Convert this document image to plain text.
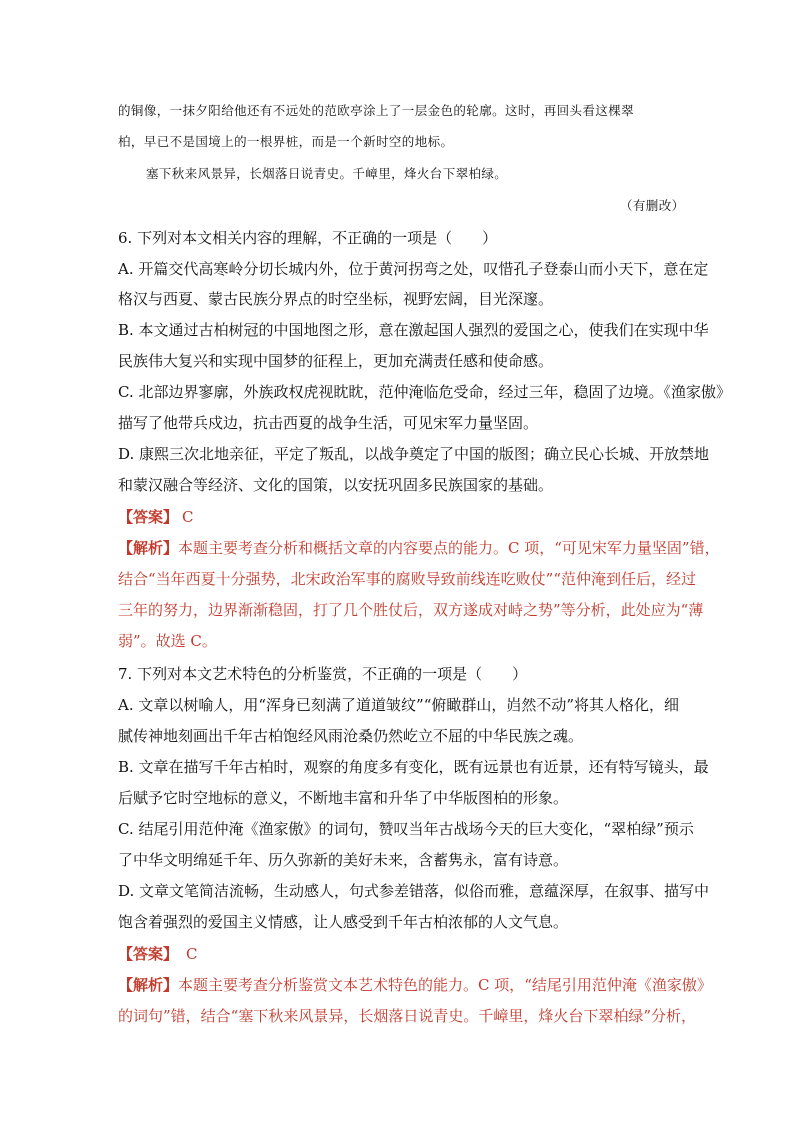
的铜像，一抹夕阳给他还有不远处的范欧亭涂上了一层金色的轮廓。这时，再回头看这棵翠
柏，早已不是国境上的一根界桩，而是一个新时空的地标。
塞下秋来风景异，长烟落日说青史。千嶂里，烽火台下翠柏绿。
（有删改）
6. 下列对本文相关内容的理解，不正确的一项是（　　）
A. 开篇交代高寒岭分切长城内外，位于黄河拐弯之处，叹惜孔子登泰山而小天下，意在定
格汉与西夏、蒙古民族分界点的时空坐标，视野宏阔，目光深邃。
B. 本文通过古柏树冠的中国地图之形，意在激起国人强烈的爱国之心，使我们在实现中华
民族伟大复兴和实现中国梦的征程上，更加充满责任感和使命感。
C. 北部边界寥廓，外族政权虎视眈眈，范仲淹临危受命，经过三年，稳固了边境。《渔家傲》
描写了他带兵戍边，抗击西夏的战争生活，可见宋军力量坚固。
D. 康熙三次北地亲征，平定了叛乱，以战争奠定了中国的版图；确立民心长城、开放禁地
和蒙汉融合等经济、文化的国策，以安抚巩固多民族国家的基础。
【答案】 C
【解析】本题主要考查分析和概括文章的内容要点的能力。C 项，“可见宋军力量坚固”错，
结合“当年西夏十分强势，北宋政治军事的腐败导致前线连吃败仗”“范仲淹到任后，经过
三年的努力，边界渐渐稳固，打了几个胜仗后，双方遂成对峙之势”等分析，此处应为“薄
弱”。故选 C。
7. 下列对本文艺术特色的分析鉴赏，不正确的一项是（　　）
A. 文章以树喻人，用“浑身已刻满了道道皱纹”“俯瞰群山，岿然不动”将其人格化，细
腻传神地刻画出千年古柏饱经风雨沧桑仍然屹立不屈的中华民族之魂。
B. 文章在描写千年古柏时，观察的角度多有变化，既有远景也有近景，还有特写镜头，最
后赋予它时空地标的意义，不断地丰富和升华了中华版图柏的形象。
C. 结尾引用范仲淹《渔家傲》的词句，赞叹当年古战场今天的巨大变化，“翠柏绿”预示
了中华文明绵延千年、历久弥新的美好未来，含蓄隽永，富有诗意。
D. 文章文笔简洁流畅，生动感人，句式参差错落，似俗而雅，意蕴深厚，在叙事、描写中
饱含着强烈的爱国主义情感，让人感受到千年古柏浓郁的人文气息。
【答案】 C
【解析】本题主要考查分析鉴赏文本艺术特色的能力。C 项，“结尾引用范仲淹《渔家傲》
的词句”错，结合“塞下秋来风景异，长烟落日说青史。千嶂里，烽火台下翠柏绿”分析，
